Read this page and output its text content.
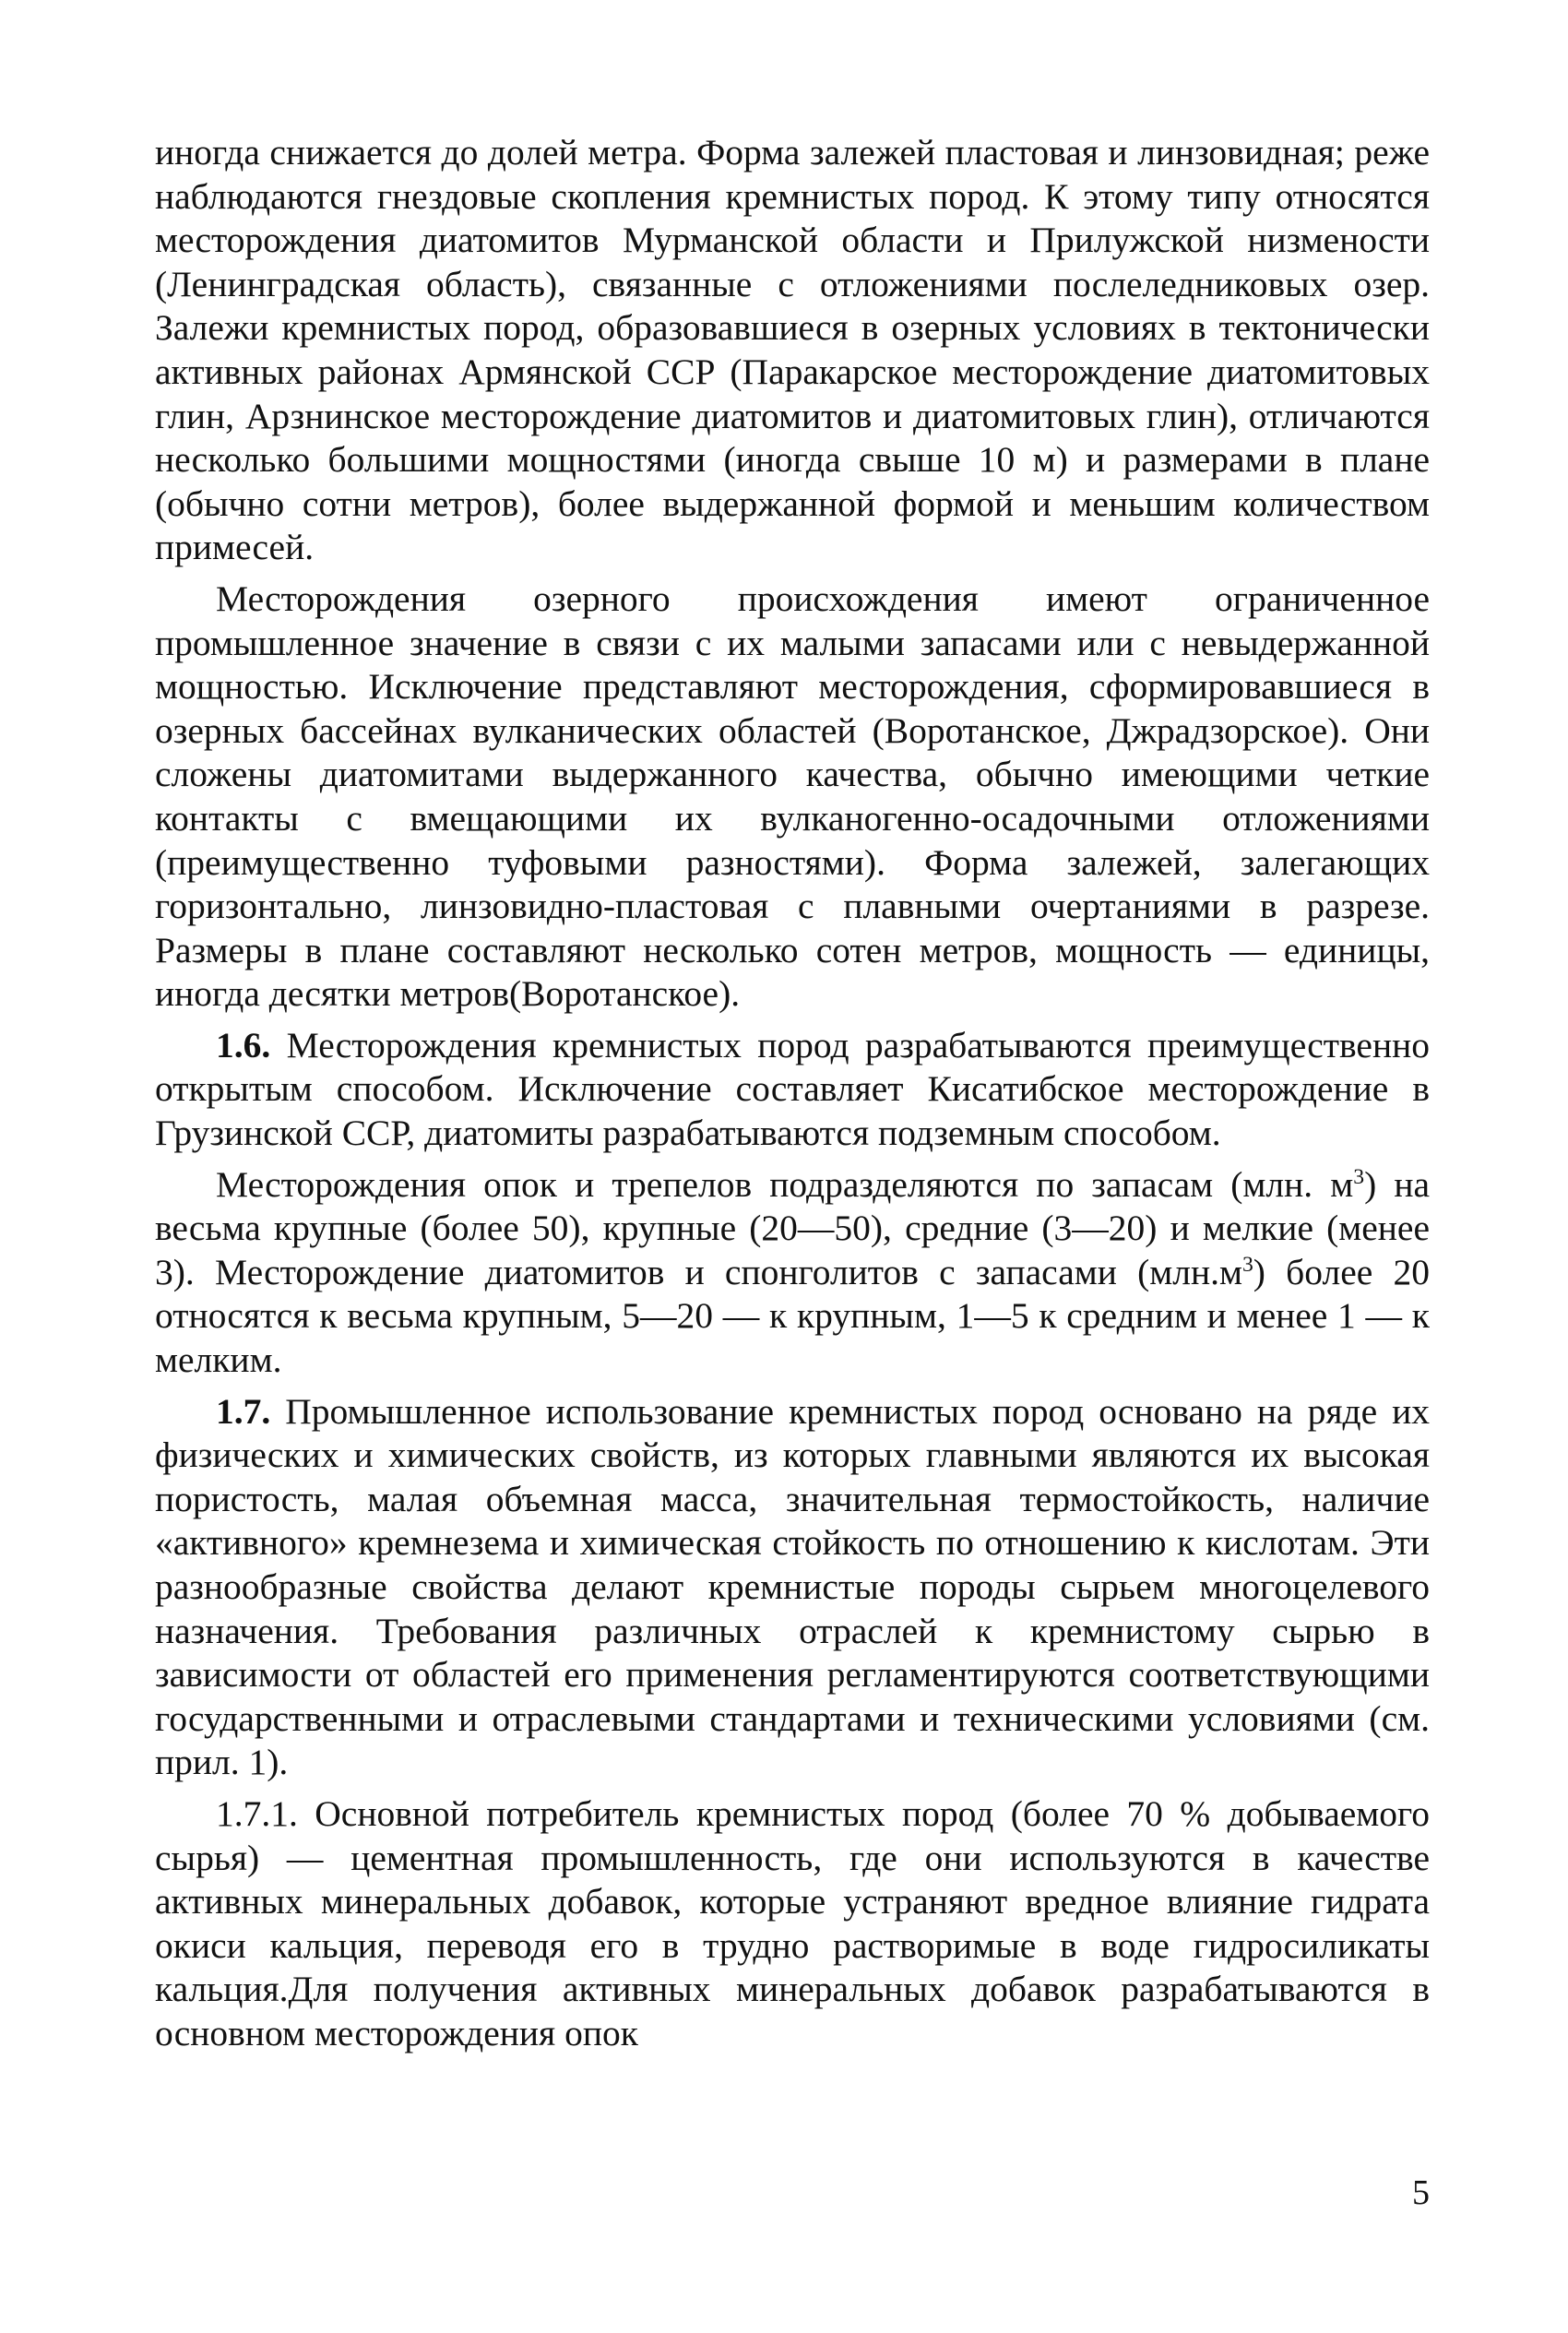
иногда снижается до долей метра. Форма залежей пластовая и линзовидная; реже наблюдаются гнездовые скопления кремнистых пород. К этому типу относятся месторождения диатомитов Мурманской области и Прилужской низмености (Ленинградская область), связанные с отложениями послеледниковых озер. Залежи кремнистых пород, образовавшиеся в озерных условиях в тектонически активных районах Армянской ССР (Паракарское месторождение диатомитовых глин, Арзнинское месторождение диатомитов и диатомитовых глин), отличаются несколько большими мощностями (иногда свыше 10 м) и размерами в плане (обычно сотни метров), более выдержанной формой и меньшим количеством примесей.

Месторождения озерного происхождения имеют ограниченное промышленное значение в связи с их малыми запасами или с невыдержанной мощностью. Исключение представляют месторождения, сформировавшиеся в озерных бассейнах вулканических областей (Воротанское, Джрадзорское). Они сложены диатомитами выдержанного качества, обычно имеющими четкие контакты с вмещающими их вулканогенно-осадочными отложениями (преимущественно туфовыми разностями). Форма залежей, залегающих горизонтально, линзовидно-пластовая с плавными очертаниями в разрезе. Размеры в плане составляют несколько сотен метров, мощность — единицы, иногда десятки метров(Воротанское).

1.6. Месторождения кремнистых пород разрабатываются преимущественно открытым способом. Исключение составляет Кисатибское месторождение в Грузинской ССР, диатомиты разрабатываются подземным способом.

Месторождения опок и трепелов подразделяются по запасам (млн. $м^3$) на весьма крупные (более 50), крупные (20—50), средние (3—20) и мелкие (менее 3). Месторождение диатомитов и спонголитов с запасами $(млн.м^3)$ более 20 относятся к весьма крупным, 5—20 — к крупным, 1—5 к средним и менее 1 — к мелким.

1.7. Промышленное использование кремнистых пород основано на ряде их физических и химических свойств, из которых главными являются их высокая пористость, малая объемная масса, значительная термостойкость, наличие «активного» кремнезема и химическая стойкость по отношению к кислотам. Эти разнообразные свойства делают кремнистые породы сырьем многоцелевого назначения. Требования различных отраслей к кремнистому сырью в зависимости от областей его применения регламентируются соответствующими государственными и отраслевыми стандартами и техническими условиями (см. прил. 1).

1.7.1. Основной потребитель кремнистых пород (более 70 % добываемого сырья) — цементная промышленность, где они используются в качестве активных минеральных добавок, которые устраняют вредное влияние гидрата окиси кальция, переводя его в трудно растворимые в воде гидросиликаты кальция.Для получения активных минеральных добавок разрабатываются в основном месторождения опок

5
